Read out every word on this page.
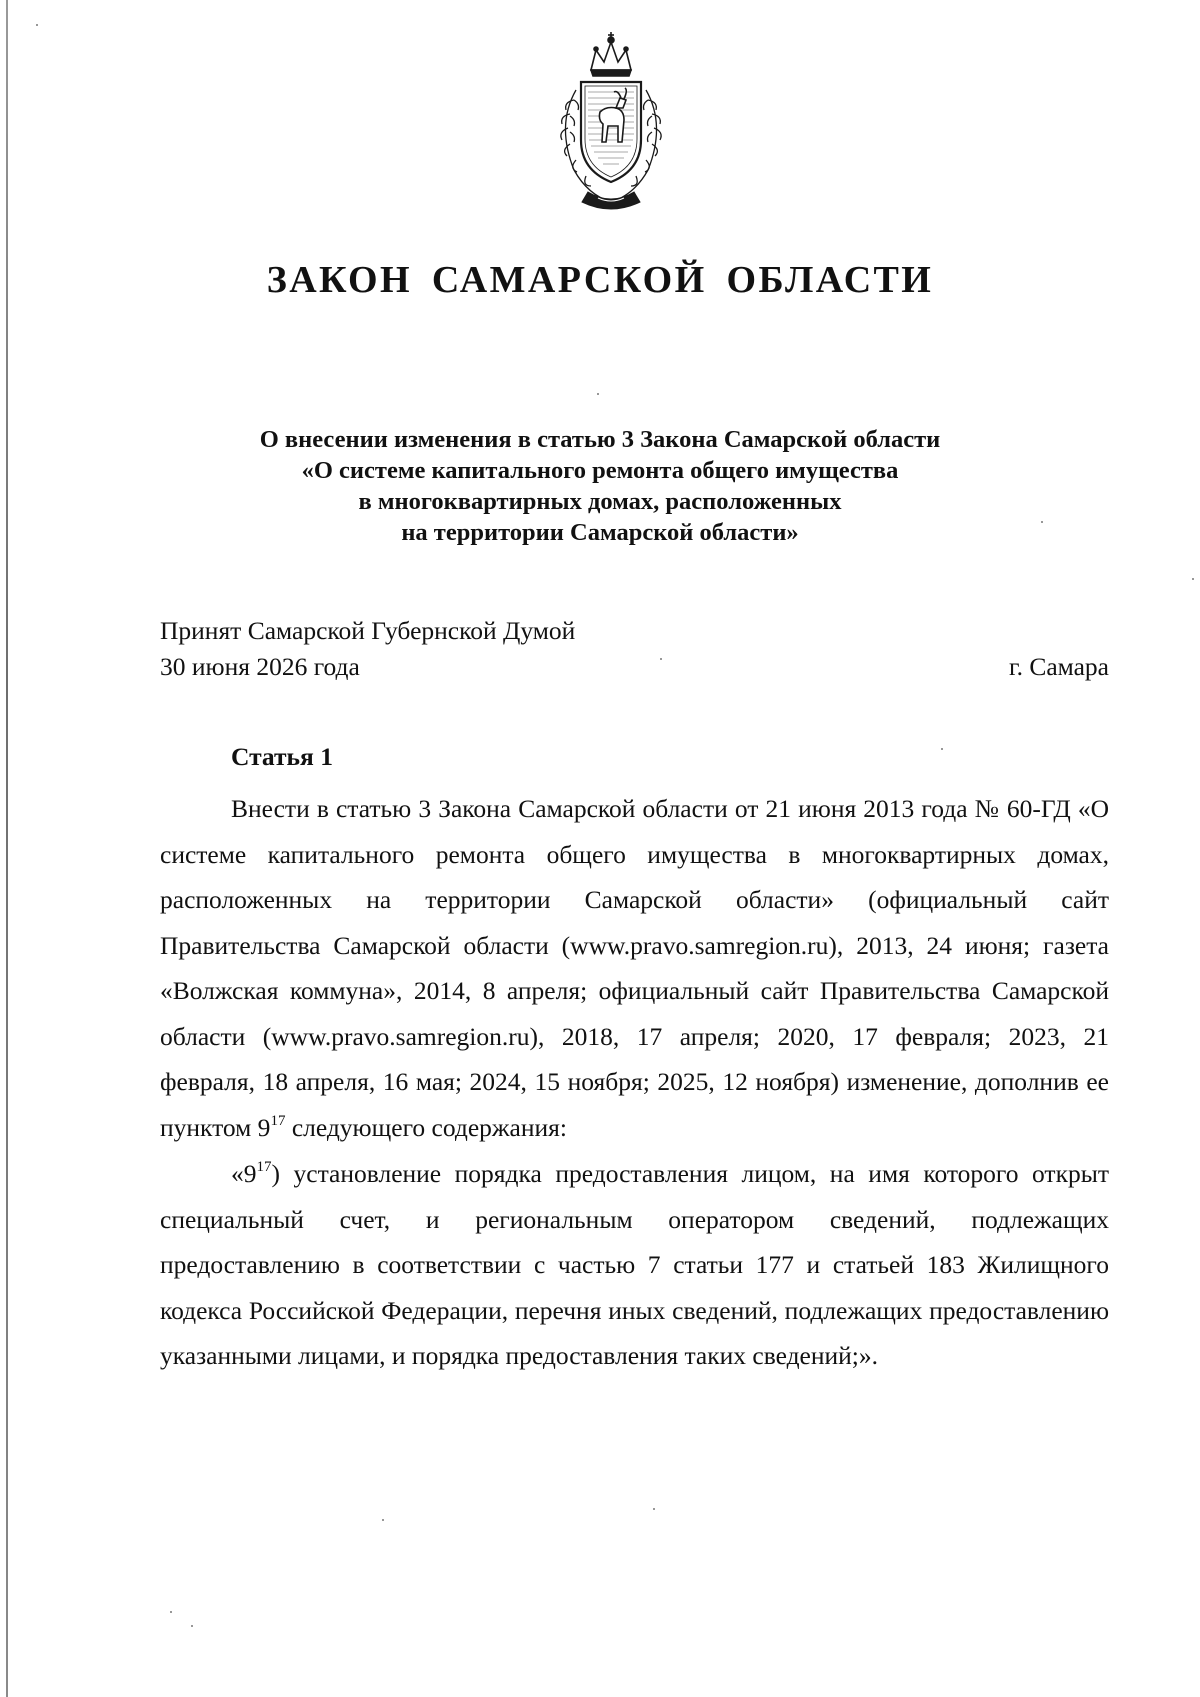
ЗАКОН САМАРСКОЙ ОБЛАСТИ
О внесении изменения в статью 3 Закона Самарской области
«О системе капитального ремонта общего имущества
в многоквартирных домах, расположенных
на территории Самарской области»
Принят Самарской Губернской Думой
30 июня 2026 года	г. Самара
Статья 1

Внести в статью 3 Закона Самарской области от 21 июня 2013 года № 60-ГД «О системе капитального ремонта общего имущества в многоквартирных домах, расположенных на территории Самарской области» (официальный сайт Правительства Самарской области (www.pravo.samregion.ru), 2013, 24 июня; газета «Волжская коммуна», 2014, 8 апреля; официальный сайт Правительства Самарской области (www.pravo.samregion.ru), 2018, 17 апреля; 2020, 17 февраля; 2023, 21 февраля, 18 апреля, 16 мая; 2024, 15 ноября; 2025, 12 ноября) изменение, дополнив ее пунктом $9^{17}$ следующего содержания:

«$9^{17}$) установление порядка предоставления лицом, на имя которого открыт специальный счет, и региональным оператором сведений, подлежащих предоставлению в соответствии с частью 7 статьи 177 и статьей 183 Жилищного кодекса Российской Федерации, перечня иных сведений, подлежащих предоставлению указанными лицами, и порядка предоставления таких сведений;».
